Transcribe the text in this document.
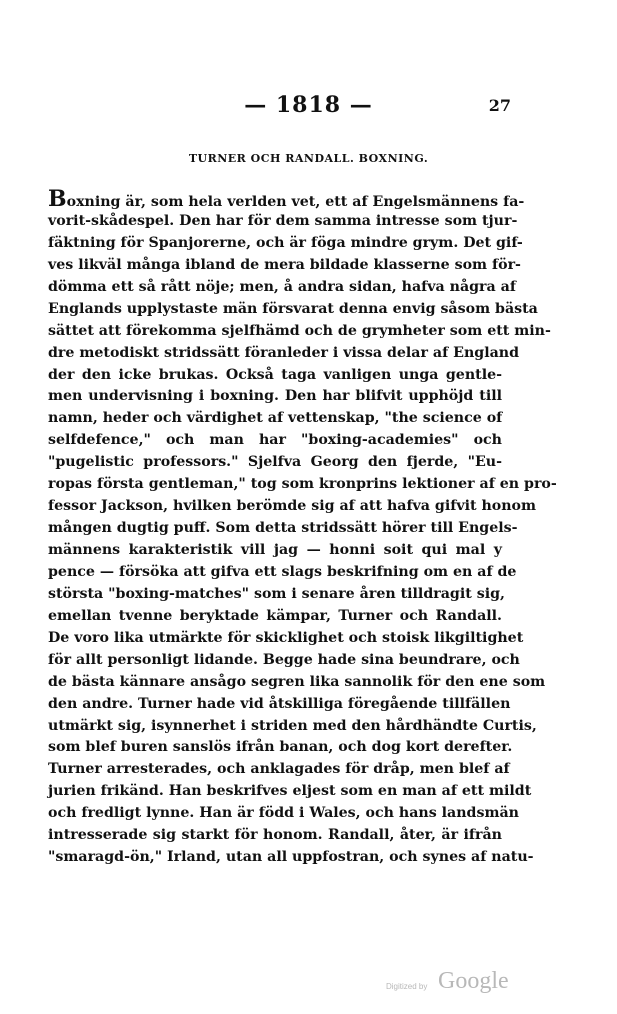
— 1818 —	27
TURNER OCH RANDALL. BOXNING.
Boxning är, som hela verlden vet, ett af Engelsmännens fa-
vorit-skådespel. Den har för dem samma intresse som tjur-
fäktning för Spanjorerne, och är föga mindre grym. Det gif-
ves likväl många ibland de mera bildade klasserne som för-
dömma ett så rått nöje; men, å andra sidan, hafva några af
Englands upplystaste män försvarat denna envig såsom bästa
sättet att förekomma sjelfhämd och de grymheter som ett min-
dre metodiskt stridssätt föranleder i vissa delar af England
der den icke brukas. Också taga vanligen unga gentle-
men undervisning i boxning. Den har blifvit upphöjd till
namn, heder och värdighet af vettenskap, "the science of
selfdefence," och man har "boxing-academies" och
"pugelistic professors." Sjelfva Georg den fjerde, "Eu-
ropas första gentleman," tog som kronprins lektioner af en pro-
fessor Jackson, hvilken berömde sig af att hafva gifvit honom
mången dugtig puff. Som detta stridssätt hörer till Engels-
männens karakteristik vill jag — honni soit qui mal y
pence — försöka att gifva ett slags beskrifning om en af de
största "boxing-matches" som i senare åren tilldragit sig,
emellan tvenne beryktade kämpar, Turner och Randall.
De voro lika utmärkte för skicklighet och stoisk likgiltighet
för allt personligt lidande. Begge hade sina beundrare, och
de bästa kännare ansågo segren lika sannolik för den ene som
den andre. Turner hade vid åtskilliga föregående tillfällen
utmärkt sig, isynnerhet i striden med den hårdhändte Curtis,
som blef buren sanslös ifrån banan, och dog kort derefter.
Turner arresterades, och anklagades för dråp, men blef af
jurien frikänd. Han beskrifves eljest som en man af ett mildt
och fredligt lynne. Han är född i Wales, och hans landsmän
intresserade sig starkt för honom. Randall, åter, är ifrån
"smaragd-ön," Irland, utan all uppfostran, och synes af natu-
Digitized by Google
